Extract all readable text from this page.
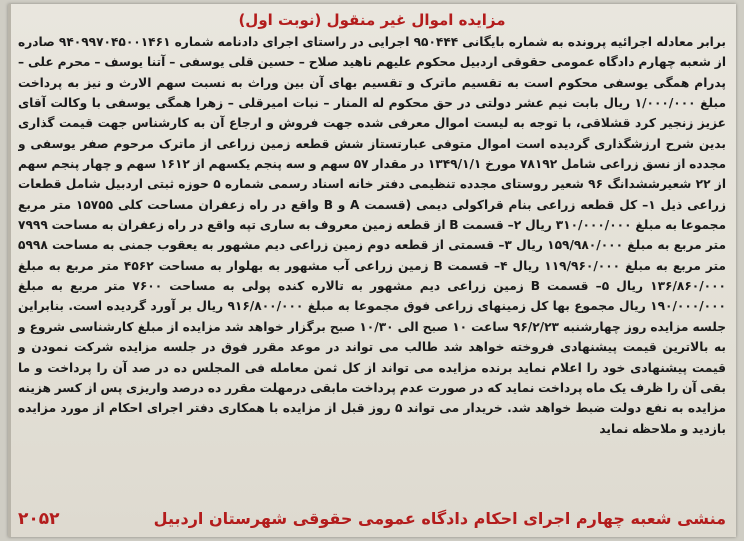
مزایده اموال غیر منقول (نوبت اول)

برابر معادله اجرائیه پرونده به شماره بایگانی ۹۵۰۴۴۴ اجرایی در راستای اجرای دادنامه شماره ۹۴۰۹۹۷۰۴۵۰۰۱۴۶۱ صادره از شعبه چهارم دادگاه عمومی حقوقی اردبیل محکوم علیهم ناهید صلاح – حسین قلی یوسفی – آتنا یوسف – محرم علی – پدرام همگی یوسفی محکوم است به تقسیم ماترک و تقسیم بهای آن بین وراث به نسبت سهم الارث و نیز به پرداخت مبلغ ۱/۰۰۰/۰۰۰ ریال بابت نیم عشر دولتی در حق محکوم له المنار – نبات امیرقلی – زهرا همگی یوسفی با وکالت آقای عزیز زنجیر کرد قشلاقی، با توجه به لیست اموال معرفی شده جهت فروش و ارجاع آن به کارشناس جهت قیمت گذاری بدین شرح ارزشگذاری گردیده است اموال متوفی عبارتستاز شش قطعه زمین زراعی از ماترک مرحوم صفر یوسفی و مجدده از نسق زراعی شامل ۷۸۱۹۲ مورخ ۱۳۴۹/۱/۱ در مقدار ۵۷ سهم و سه پنجم یکسهم از ۱۶۱۲ سهم و چهار پنجم سهم از ۲۲ شعیرششدانگ ۹۶ شعیر روستای مجدده تنظیمی دفتر خانه اسناد رسمی شماره ۵ حوزه ثبتی اردبیل شامل قطعات زراعی ذیل ۱– کل قطعه زراعی بنام قراکولی دیمی (قسمت A و B واقع در راه زعفران مساحت کلی ۱۵۷۵۵ متر مربع مجموعا به مبلغ ۳۱۰/۰۰۰/۰۰۰ ریال ۲– قسمت B از قطعه زمین معروف به ساری تپه واقع در راه زعفران به مساحت ۷۹۹۹ متر مربع به مبلغ ۱۵۹/۹۸۰/۰۰۰ ریال ۳– قسمتی از قطعه دوم زمین زراعی دیم مشهور به یعقوب جمنی به مساحت ۵۹۹۸ متر مربع به مبلغ ۱۱۹/۹۶۰/۰۰۰ ریال ۴– قسمت B زمین زراعی آب مشهور به بهلوار به مساحت ۴۵۶۲ متر مربع به مبلغ ۱۳۶/۸۶۰/۰۰۰ ریال ۵– قسمت B زمین زراعی دیم مشهور به تالاره کنده پولی به مساحت ۷۶۰۰ متر مربع به مبلغ ۱۹۰/۰۰۰/۰۰۰ ریال مجموع بها کل زمینهای زراعی فوق مجموعا به مبلغ ۹۱۶/۸۰۰/۰۰۰ ریال بر آورد گردیده است. بنابراین جلسه مزایده روز چهارشنبه ۹۶/۲/۲۳ ساعت ۱۰ صبح الی ۱۰/۳۰ صبح برگزار خواهد شد مزایده از مبلغ کارشناسی شروع و به بالاترین قیمت پیشنهادی فروخته خواهد شد طالب می تواند در موعد مقرر فوق در جلسه مزایده شرکت نمودن و قیمت پیشنهادی خود را اعلام نماید برنده مزایده می تواند از کل ثمن معامله فی المجلس ده در صد آن را پرداخت و ما بقی آن را ظرف یک ماه پرداخت نماید که در صورت عدم پرداخت مابقی درمهلت مقرر ده درصد واریزی پس از کسر هزینه مزایده به نفع دولت ضبط خواهد شد. خریدار می تواند ۵ روز قبل از مزایده با همکاری دفتر اجرای احکام از مورد مزایده بازدید و ملاحظه نماید

منشی شعبه چهارم اجرای احکام دادگاه عمومی حقوقی شهرستان اردبیل
۲۰۵۲
